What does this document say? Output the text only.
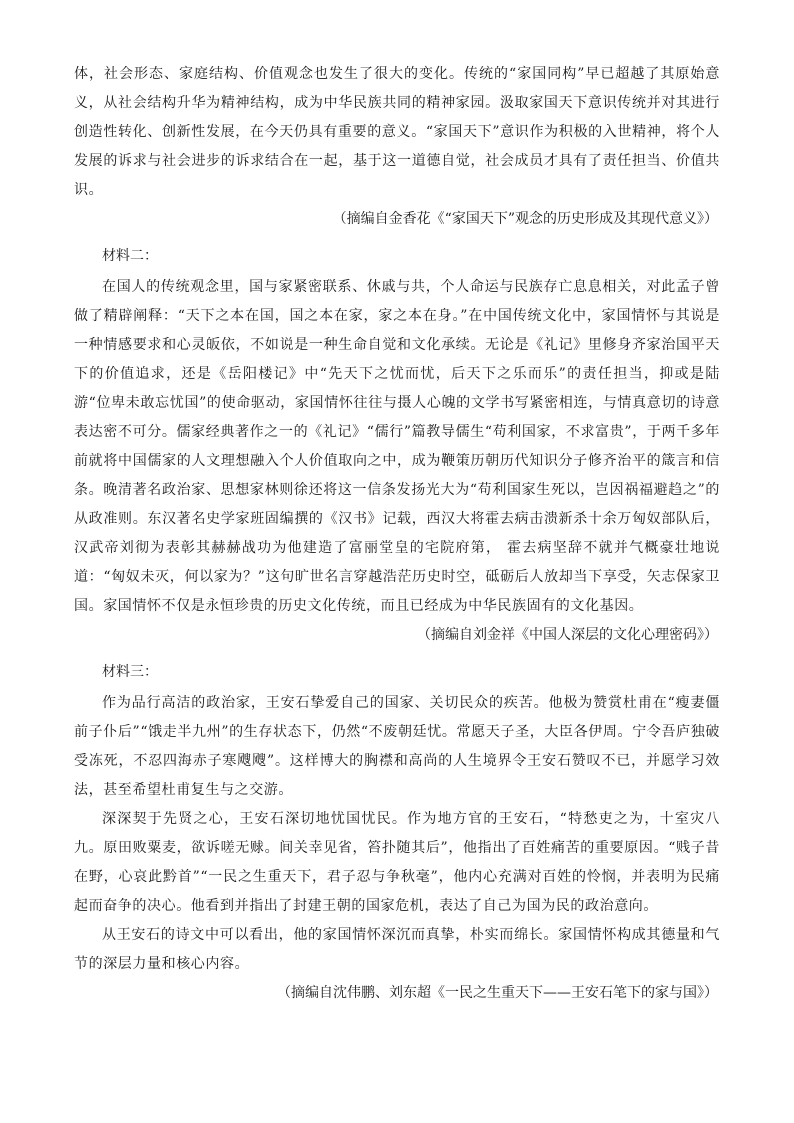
体，社会形态、家庭结构、价值观念也发生了很大的变化。传统的“家国同构”早已超越了其原始意义，从社会结构升华为精神结构，成为中华民族共同的精神家园。汲取家国天下意识传统并对其进行创造性转化、创新性发展，在今天仍具有重要的意义。“家国天下”意识作为积极的入世精神，将个人发展的诉求与社会进步的诉求结合在一起，基于这一道德自觉，社会成员才具有了责任担当、价值共识。

（摘编自金香花《“家国天下”观念的历史形成及其现代意义》）

材料二：

在国人的传统观念里，国与家紧密联系、休戚与共，个人命运与民族存亡息息相关，对此孟子曾做了精辟阐释：“天下之本在国，国之本在家，家之本在身。”在中国传统文化中，家国情怀与其说是一种情感要求和心灵皈依，不如说是一种生命自觉和文化承续。无论是《礼记》里修身齐家治国平天下的价值追求，还是《岳阳楼记》中“先天下之忧而忧，后天下之乐而乐”的责任担当，抑或是陆游“位卑未敢忘忧国”的使命驱动，家国情怀往往与摄人心魄的文学书写紧密相连，与情真意切的诗意表达密不可分。儒家经典著作之一的《礼记》“儒行”篇教导儒生“苟利国家，不求富贵”，于两千多年前就将中国儒家的人文理想融入个人价值取向之中，成为鞭策历朝历代知识分子修齐治平的箴言和信条。晚清著名政治家、思想家林则徐还将这一信条发扬光大为“苟利国家生死以，岂因祸福避趋之”的从政准则。东汉著名史学家班固编撰的《汉书》记载，西汉大将霍去病击溃新杀十余万匈奴部队后，汉武帝刘彻为表彰其赫赫战功为他建造了富丽堂皇的宅院府第， 霍去病坚辞不就并气概豪壮地说道：“匈奴未灭，何以家为？”这句旷世名言穿越浩茫历史时空，砥砺后人放却当下享受，矢志保家卫国。家国情怀不仅是永恒珍贵的历史文化传统，而且已经成为中华民族固有的文化基因。

（摘编自刘金祥《中国人深层的文化心理密码》）

材料三：

作为品行高洁的政治家，王安石挚爱自己的国家、关切民众的疾苦。他极为赞赏杜甫在“瘦妻僵前子仆后”“饿走半九州”的生存状态下，仍然“不废朝廷忧。常愿天子圣，大臣各伊周。宁令吾庐独破受冻死，不忍四海赤子寒飕飕”。这样博大的胸襟和高尚的人生境界令王安石赞叹不已，并愿学习效法，甚至希望杜甫复生与之交游。

深深契于先贤之心，王安石深切地忧国忧民。作为地方官的王安石，“特愁吏之为，十室灾八九。原田败粟麦，欲诉嗟无赇。间关幸见省，笞扑随其后”，他指出了百姓痛苦的重要原因。“贱子昔在野，心哀此黔首”“一民之生重天下，君子忍与争秋毫”，他内心充满对百姓的怜悯，并表明为民痛起而奋争的决心。他看到并指出了封建王朝的国家危机，表达了自己为国为民的政治意向。

从王安石的诗文中可以看出，他的家国情怀深沉而真挚，朴实而绵长。家国情怀构成其德量和气节的深层力量和核心内容。

（摘编自沈伟鹏、刘东超《一民之生重天下——王安石笔下的家与国》）
